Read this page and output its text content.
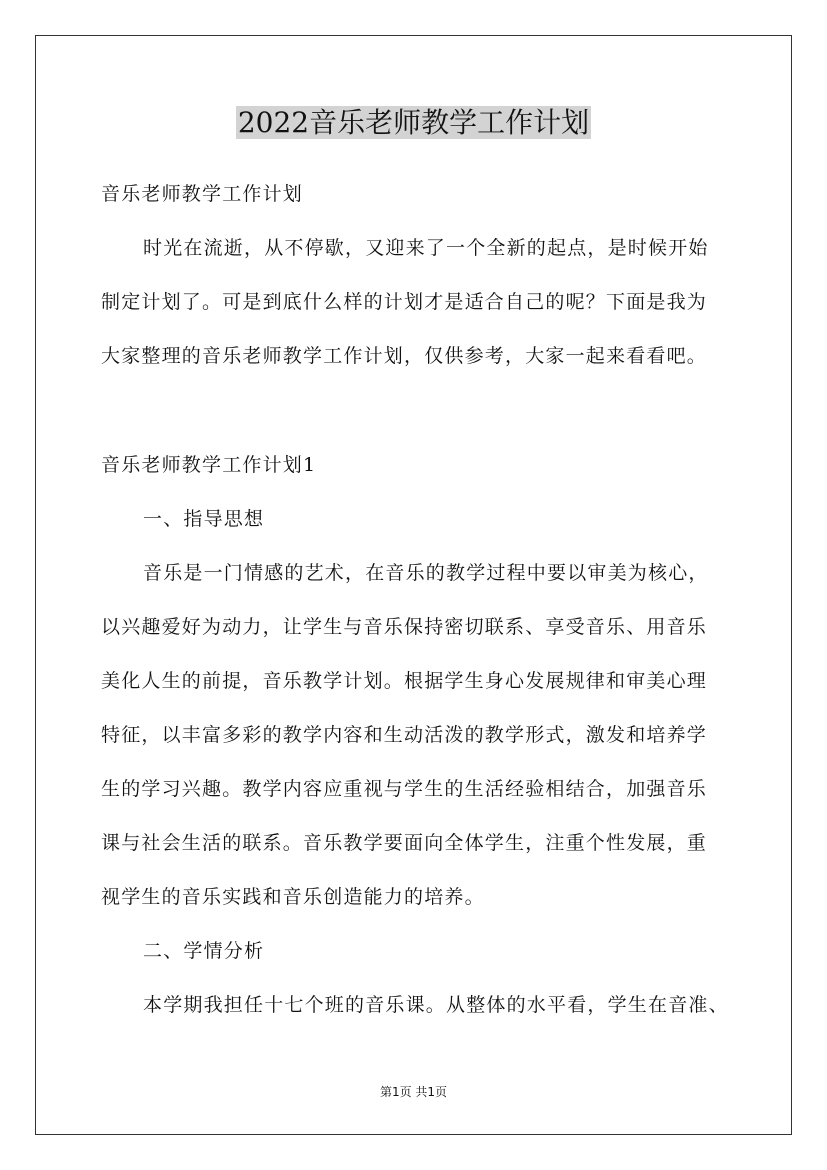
2022音乐老师教学工作计划
音乐老师教学工作计划
时光在流逝，从不停歇，又迎来了一个全新的起点，是时候开始
制定计划了。可是到底什么样的计划才是适合自己的呢？下面是我为
大家整理的音乐老师教学工作计划，仅供参考，大家一起来看看吧。
音乐老师教学工作计划1
一、指导思想
音乐是一门情感的艺术，在音乐的教学过程中要以审美为核心，
以兴趣爱好为动力，让学生与音乐保持密切联系、享受音乐、用音乐
美化人生的前提，音乐教学计划。根据学生身心发展规律和审美心理
特征，以丰富多彩的教学内容和生动活泼的教学形式，激发和培养学
生的学习兴趣。教学内容应重视与学生的生活经验相结合，加强音乐
课与社会生活的联系。音乐教学要面向全体学生，注重个性发展，重
视学生的音乐实践和音乐创造能力的培养。
二、学情分析
本学期我担任十七个班的音乐课。从整体的水平看，学生在音准、
第1页 共1页
